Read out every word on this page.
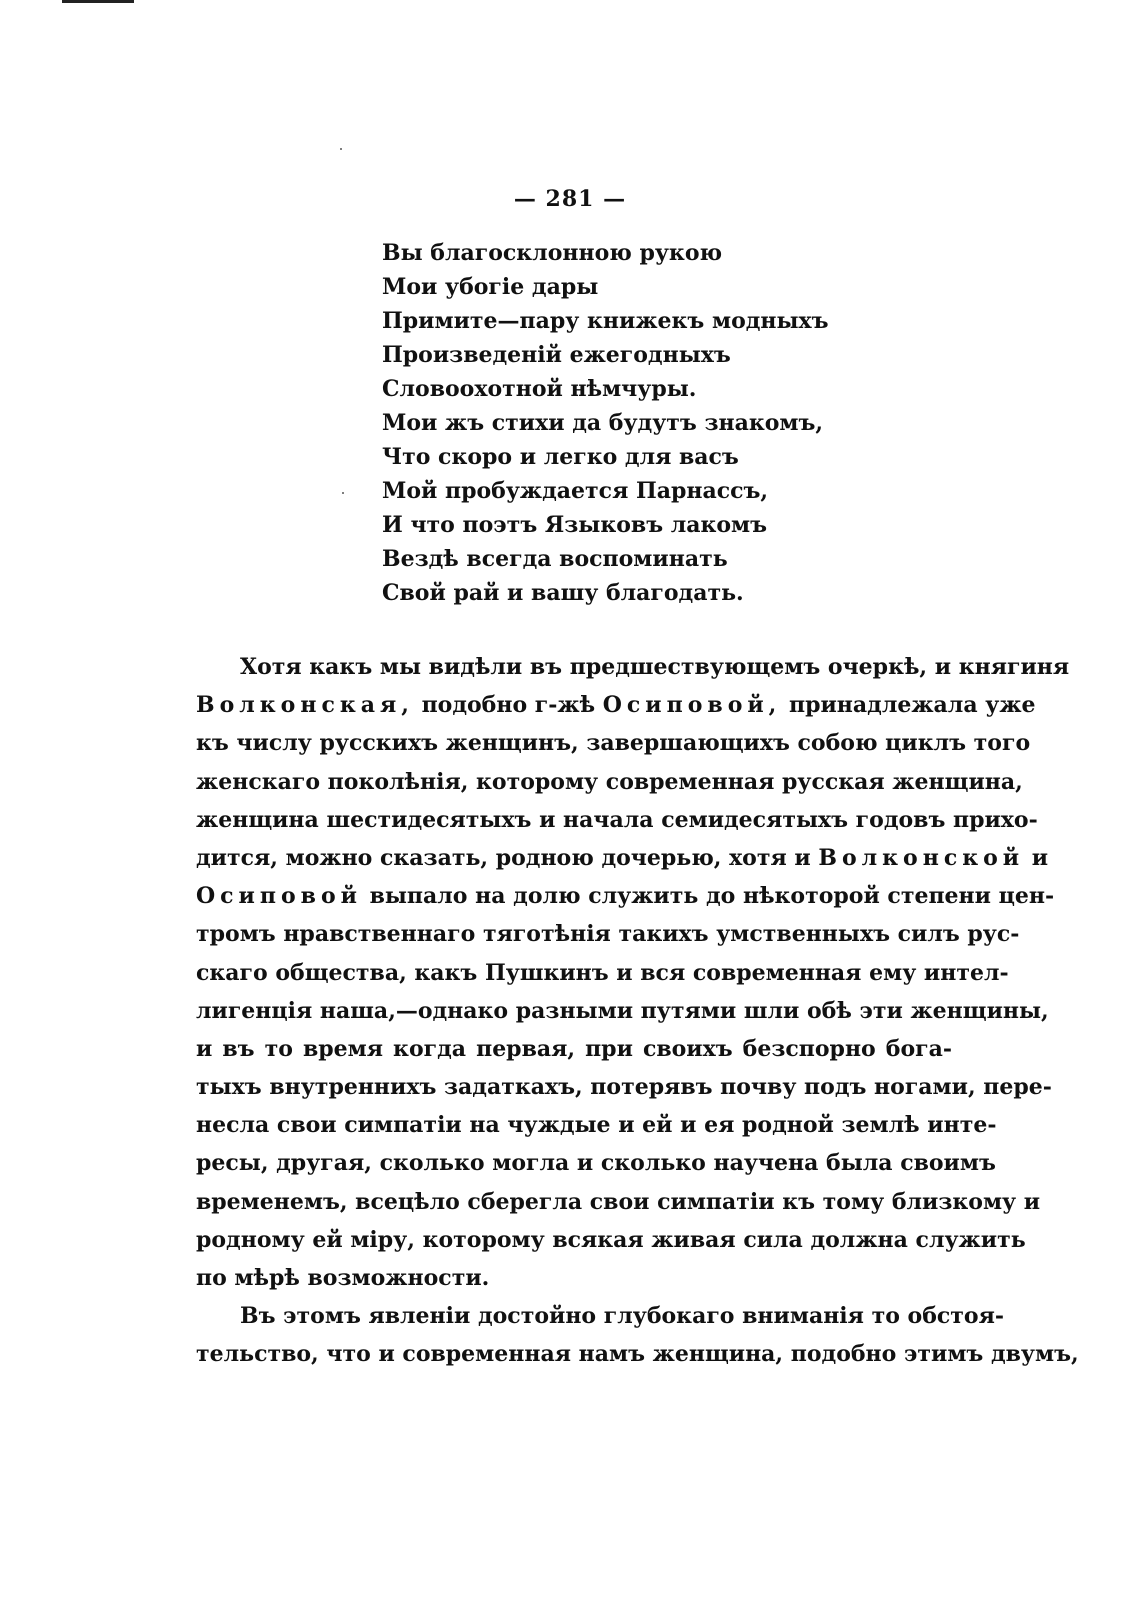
— 281 —
Вы благосклонною рукою
Мои убогіе дары
Примите—пару книжекъ модныхъ
Произведеній ежегодныхъ
Словоохотной нѣмчуры.
Мои жъ стихи да будутъ знакомъ,
Что скоро и легко для васъ
Мой пробуждается Парнассъ,
И что поэтъ Языковъ лакомъ
Вездѣ всегда воспоминать
Свой рай и вашу благодать.
Хотя какъ мы видѣли въ предшествующемъ очеркѣ, и княгиня
Волконская, подобно г-жѣ Осиповой, принадлежала уже
къ числу русскихъ женщинъ, завершающихъ собою циклъ того
женскаго поколѣнія, которому современная русская женщина,
женщина шестидесятыхъ и начала семидесятыхъ годовъ прихо-
дится, можно сказать, родною дочерью, хотя и Волконской и
Осиповой выпало на долю служить до нѣкоторой степени цен-
тромъ нравственнаго тяготѣнія такихъ умственныхъ силъ рус-
скаго общества, какъ Пушкинъ и вся современная ему интел-
лигенція наша,—однако разными путями шли обѣ эти женщины,
и въ то время когда первая, при своихъ безспорно бога-
тыхъ внутреннихъ задаткахъ, потерявъ почву подъ ногами, пере-
несла свои симпатіи на чуждые и ей и ея родной землѣ инте-
ресы, другая, сколько могла и сколько научена была своимъ
временемъ, всецѣло сберегла свои симпатіи къ тому близкому и
родному ей міру, которому всякая живая сила должна служить
по мѣрѣ возможности.
Въ этомъ явленіи достойно глубокаго вниманія то обстоя-
тельство, что и современная намъ женщина, подобно этимъ двумъ,
